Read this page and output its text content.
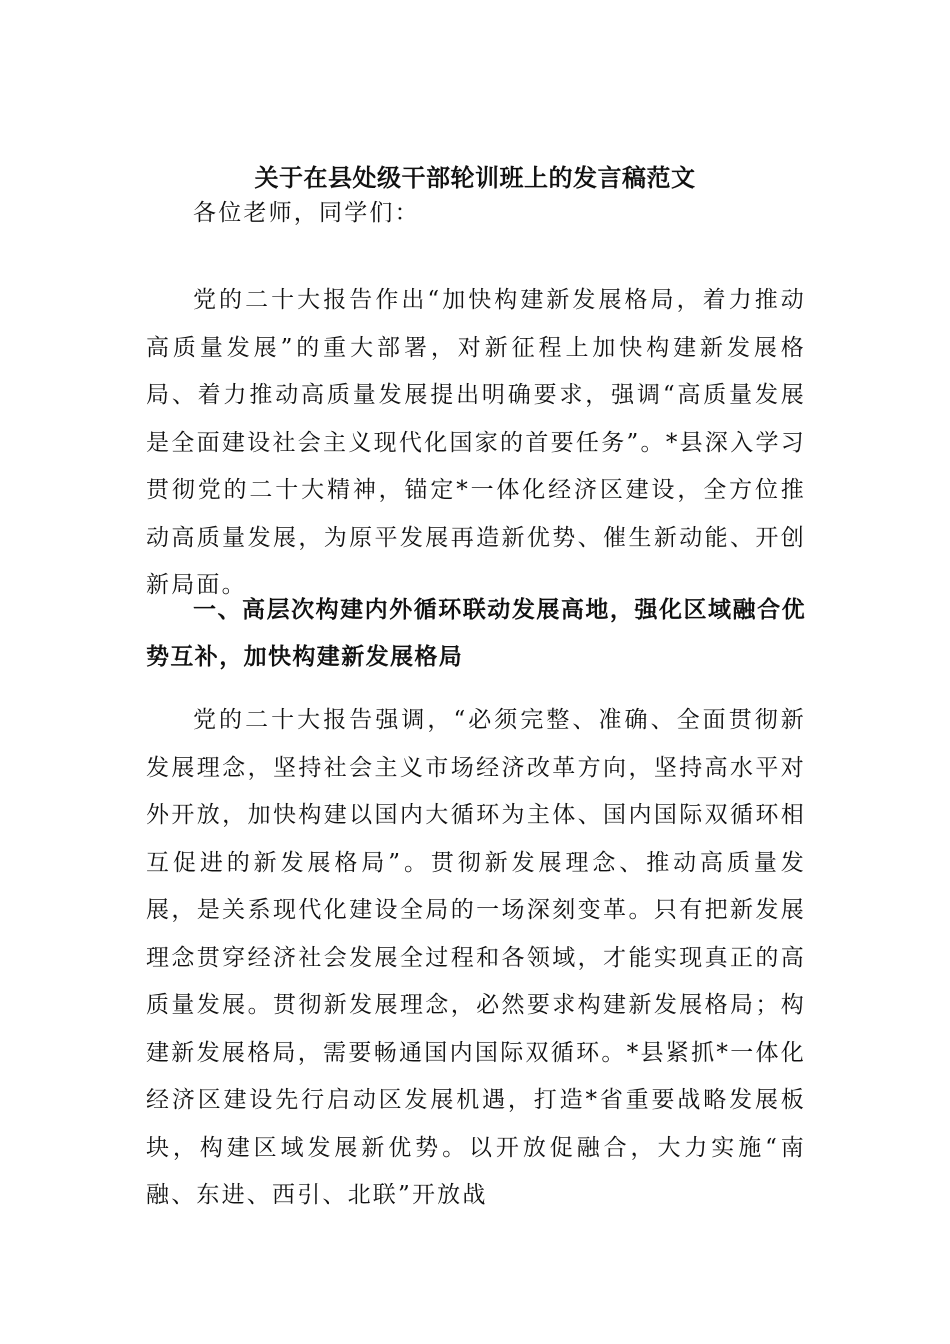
关于在县处级干部轮训班上的发言稿范文

各位老师，同学们：

党的二十大报告作出“加快构建新发展格局，着力推动高质量发展”的重大部署，对新征程上加快构建新发展格局、着力推动高质量发展提出明确要求，强调“高质量发展是全面建设社会主义现代化国家的首要任务”。*县深入学习贯彻党的二十大精神，锚定*一体化经济区建设，全方位推动高质量发展，为原平发展再造新优势、催生新动能、开创新局面。

一、高层次构建内外循环联动发展高地，强化区域融合优势互补，加快构建新发展格局

党的二十大报告强调，“必须完整、准确、全面贯彻新发展理念，坚持社会主义市场经济改革方向，坚持高水平对外开放，加快构建以国内大循环为主体、国内国际双循环相互促进的新发展格局”。贯彻新发展理念、推动高质量发展，是关系现代化建设全局的一场深刻变革。只有把新发展理念贯穿经济社会发展全过程和各领域，才能实现真正的高质量发展。贯彻新发展理念，必然要求构建新发展格局；构建新发展格局，需要畅通国内国际双循环。*县紧抓*一体化经济区建设先行启动区发展机遇，打造*省重要战略发展板块，构建区域发展新优势。以开放促融合，大力实施“南融、东进、西引、北联”开放战
